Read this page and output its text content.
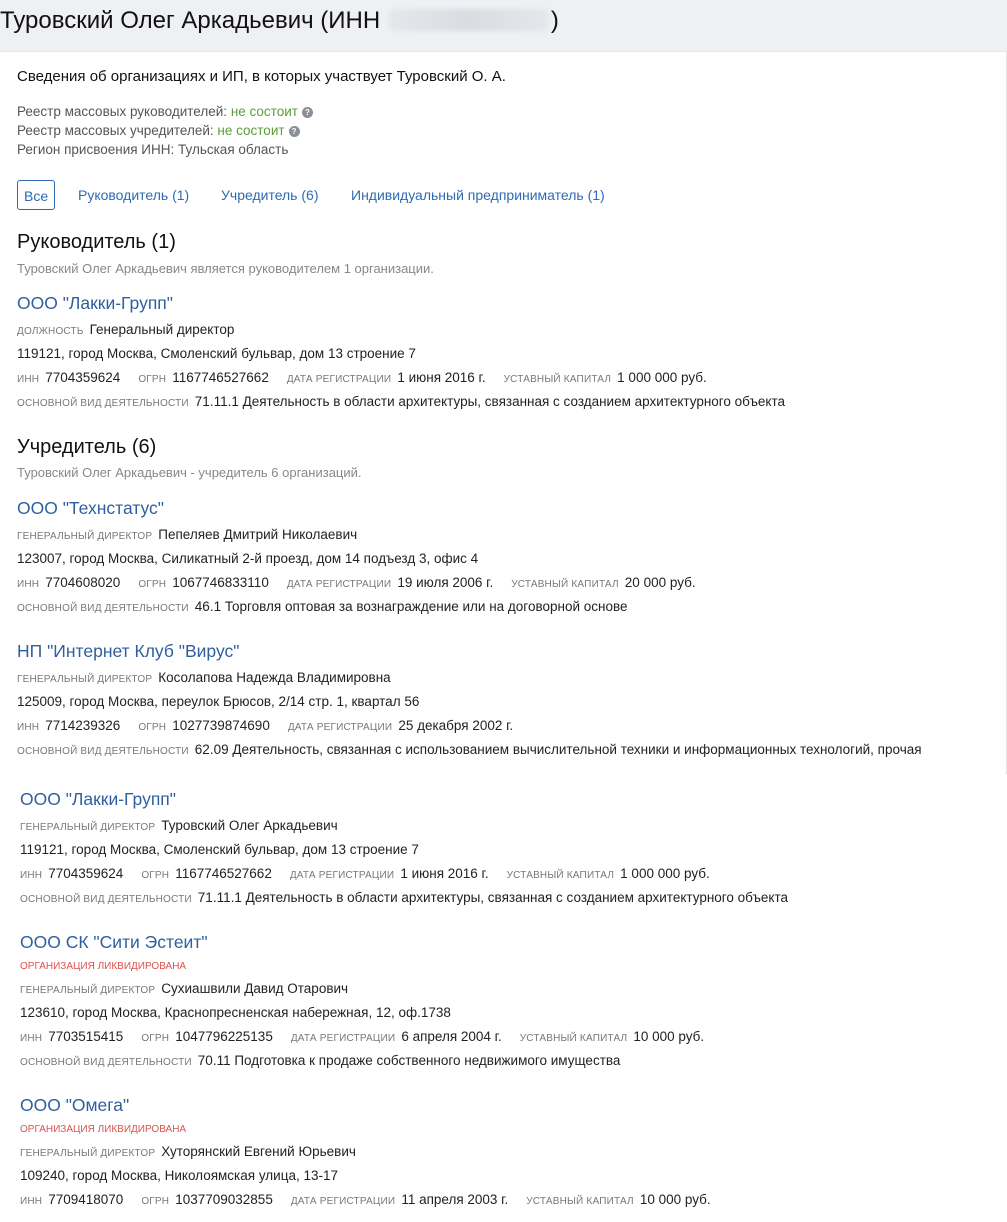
Туровский Олег Аркадьевич (ИНН	)
Сведения об организациях и ИП, в которых участвует Туровский О. А.
Реестр массовых руководителей: не состоит ?
Реестр массовых учредителей: не состоит ?
Регион присвоения ИНН: Тульская область
Все	Руководитель (1) Учредитель (6) Индивидуальный предприниматель (1)
Руководитель (1)
Туровский Олег Аркадьевич является руководителем 1 организации.
ООО "Лакки-Групп"
ДОЛЖНОСТЬ Генеральный директор
119121, город Москва, Смоленский бульвар, дом 13 строение 7
ИНН 7704359624 ОГРН 1167746527662 ДАТА РЕГИСТРАЦИИ 1 июня 2016 г. УСТАВНЫЙ КАПИТАЛ 1 000 000 руб.
ОСНОВНОЙ ВИД ДЕЯТЕЛЬНОСТИ 71.11.1 Деятельность в области архитектуры, связанная с созданием архитектурного объекта
Учредитель (6)
Туровский Олег Аркадьевич - учредитель 6 организаций.
ООО "Технcтатус"
ГЕНЕРАЛЬНЫЙ ДИРЕКТОР Пепеляев Дмитрий Николаевич
123007, город Москва, Силикатный 2-й проезд, дом 14 подъезд 3, офис 4
ИНН 7704608020 ОГРН 1067746833110 ДАТА РЕГИСТРАЦИИ 19 июля 2006 г. УСТАВНЫЙ КАПИТАЛ 20 000 руб.
ОСНОВНОЙ ВИД ДЕЯТЕЛЬНОСТИ 46.1 Торговля оптовая за вознаграждение или на договорной основе
НП "Интернет Клуб "Вирус"
ГЕНЕРАЛЬНЫЙ ДИРЕКТОР Косолапова Надежда Владимировна
125009, город Москва, переулок Брюсов, 2/14 стр. 1, квартал 56
ИНН 7714239326 ОГРН 1027739874690 ДАТА РЕГИСТРАЦИИ 25 декабря 2002 г.
ОСНОВНОЙ ВИД ДЕЯТЕЛЬНОСТИ 62.09 Деятельность, связанная с использованием вычислительной техники и информационных технологий, прочая
ООО "Лакки-Групп"
ГЕНЕРАЛЬНЫЙ ДИРЕКТОР Туровский Олег Аркадьевич
119121, город Москва, Смоленский бульвар, дом 13 строение 7
ИНН 7704359624 ОГРН 1167746527662 ДАТА РЕГИСТРАЦИИ 1 июня 2016 г. УСТАВНЫЙ КАПИТАЛ 1 000 000 руб.
ОСНОВНОЙ ВИД ДЕЯТЕЛЬНОСТИ 71.11.1 Деятельность в области архитектуры, связанная с созданием архитектурного объекта
ООО СК "Сити Эстеит"
ОРГАНИЗАЦИЯ ЛИКВИДИРОВАНА
ГЕНЕРАЛЬНЫЙ ДИРЕКТОР Сухиашвили Давид Отарович
123610, город Москва, Краснопресненская набережная, 12, оф.1738
ИНН 7703515415 ОГРН 1047796225135 ДАТА РЕГИСТРАЦИИ 6 апреля 2004 г. УСТАВНЫЙ КАПИТАЛ 10 000 руб.
ОСНОВНОЙ ВИД ДЕЯТЕЛЬНОСТИ 70.11 Подготовка к продаже собственного недвижимого имущества
ООО "Омега"
ОРГАНИЗАЦИЯ ЛИКВИДИРОВАНА
ГЕНЕРАЛЬНЫЙ ДИРЕКТОР Хуторянский Евгений Юрьевич
109240, город Москва, Николоямская улица, 13-17
ИНН 7709418070 ОГРН 1037709032855 ДАТА РЕГИСТРАЦИИ 11 апреля 2003 г. УСТАВНЫЙ КАПИТАЛ 10 000 руб.
